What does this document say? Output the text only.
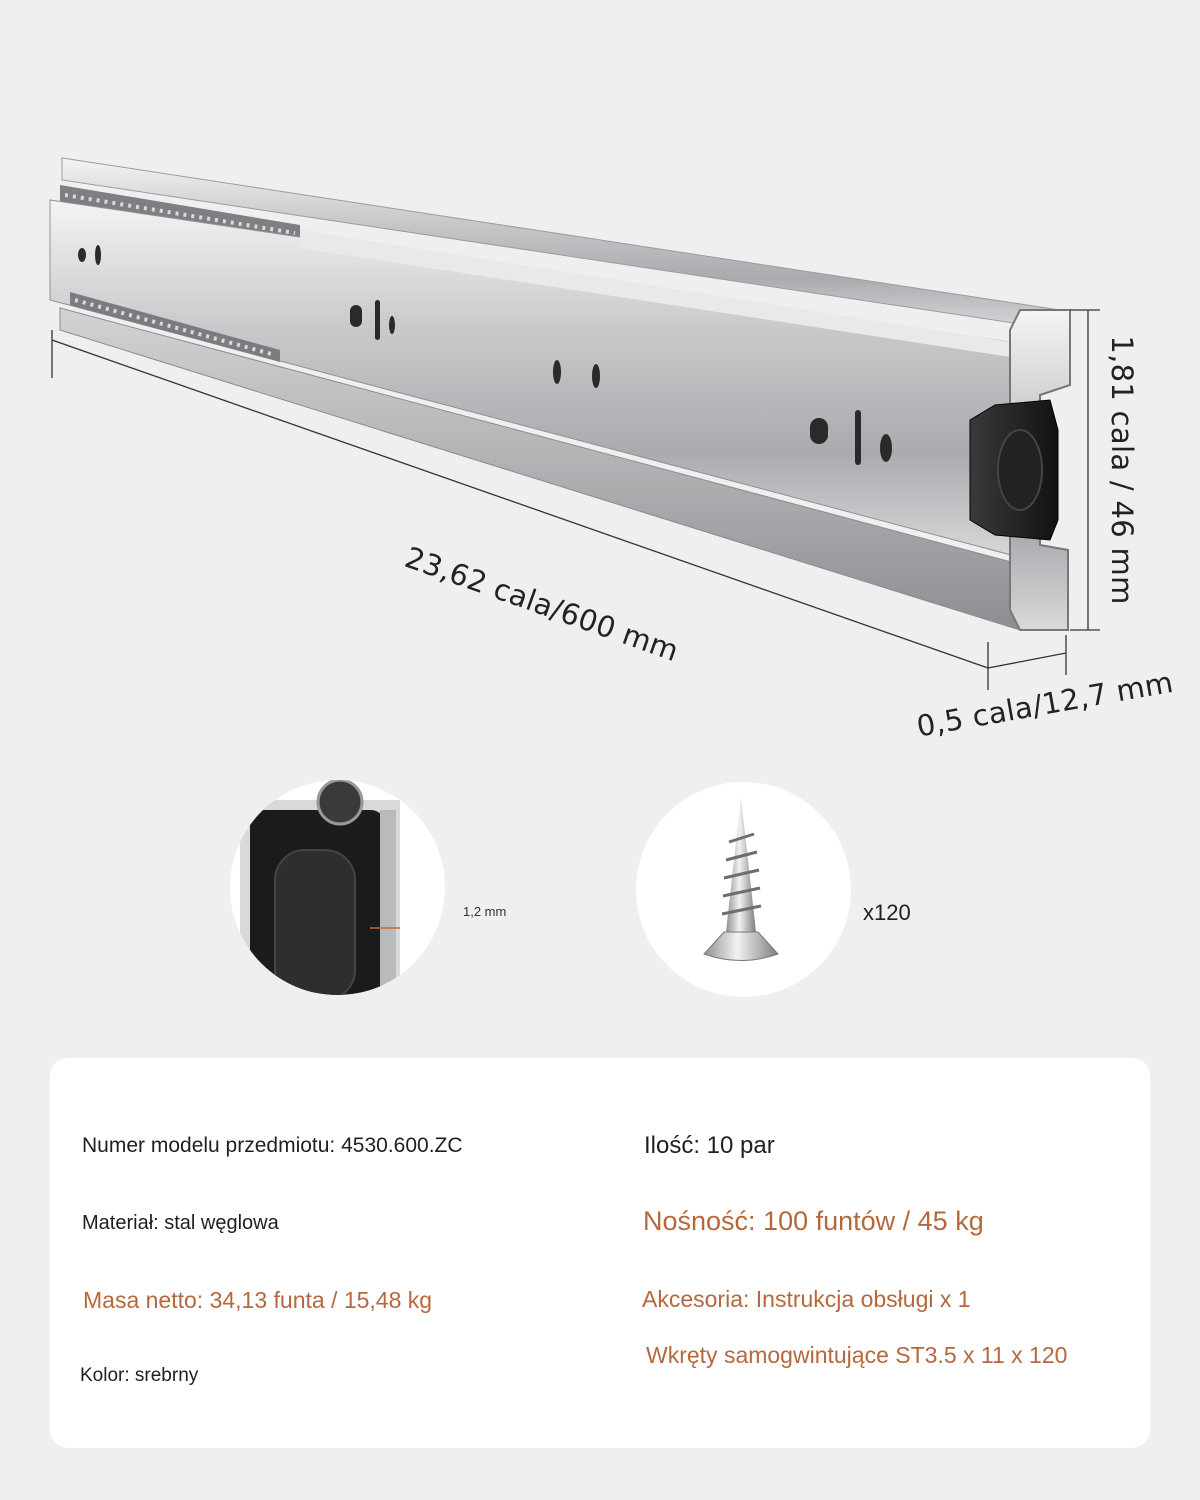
23,62 cala/600 mm	1,81 cala / 46 mm
0,5 cala/12,7 mm
1,2 mm	x120
Numer modelu przedmiotu: 4530.600.ZC
Materiał: stal węglowa
Masa netto: 34,13 funta / 15,48 kg
Kolor: srebrny
Ilość: 10 par
Nośność: 100 funtów / 45 kg
Akcesoria: Instrukcja obsługi x 1
Wkręty samogwintujące ST3.5 x 11 x 120
